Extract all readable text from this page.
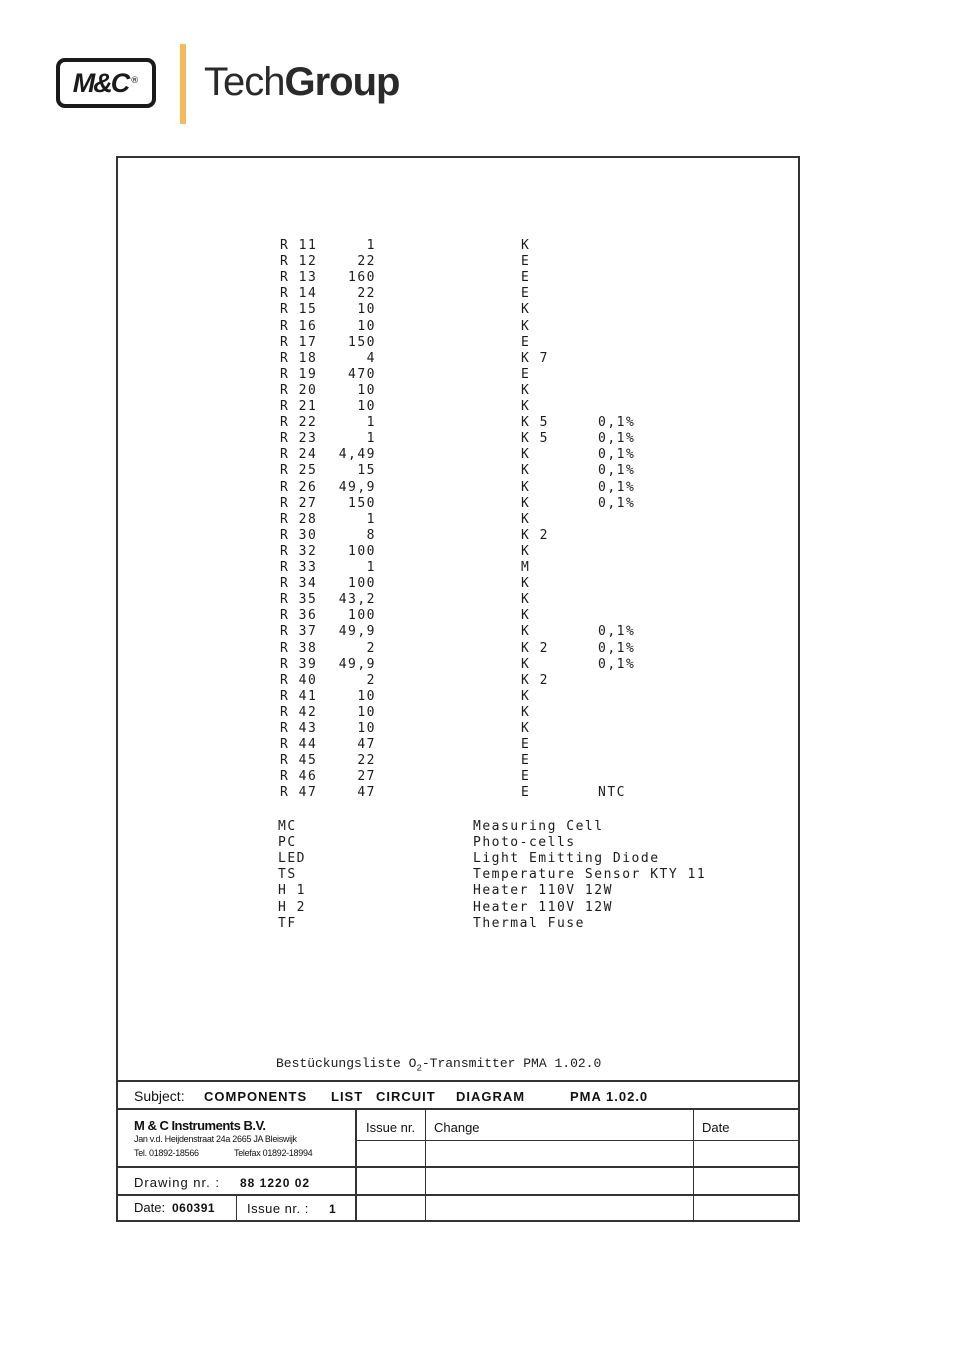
M&C ® TechGroup
R 11	1	K
R 12	22	E
R 13 160	E
R 14	22	E
R 15	10	K
R 16	10	K
R 17 150	E
R 18	4	K 7
R 19 470	E
R 20	10	K
R 21	10	K
R 22	1	K 5	0,1%
R 23	1	K 5	0,1%
R 24 4,49	K	0,1%
R 25	15	K	0,1%
R 26 49,9	K	0,1%
R 27 150	K	0,1%
R 28	1	K
R 30	8	K 2
R 32 100	K
R 33	1	M
R 34 100	K
R 35 43,2	K
R 36 100	K
R 37 49,9	K	0,1%
R 38	2	K 2	0,1%
R 39 49,9	K	0,1%
R 40	2	K 2
R 41	10	K
R 42	10	K
R 43	10	K
R 44	47	E
R 45	22	E
R 46	27	E
R 47	47	E	NTC
MC	Measuring Cell
PC	Photo-cells
LED	Light Emitting Diode
TS	Temperature Sensor KTY 11
H 1	Heater 110V 12W
H 2	Heater 110V 12W
TF	Thermal Fuse
Bestückungsliste $O_2$-Transmitter PMA 1.02.0
Subject: COMPONENTS LIST CIRCUIT DIAGRAM	PMA 1.02.0
M & C Instruments B.V.
Jan v.d. Heijdenstraat 24a 2665 JA Bleiswijk
Tel. 01892-18566	Telefax 01892-18994
Issue nr. Change	Date
Drawing nr. : 88 1220 02
Date: 060391 Issue nr. : 1
